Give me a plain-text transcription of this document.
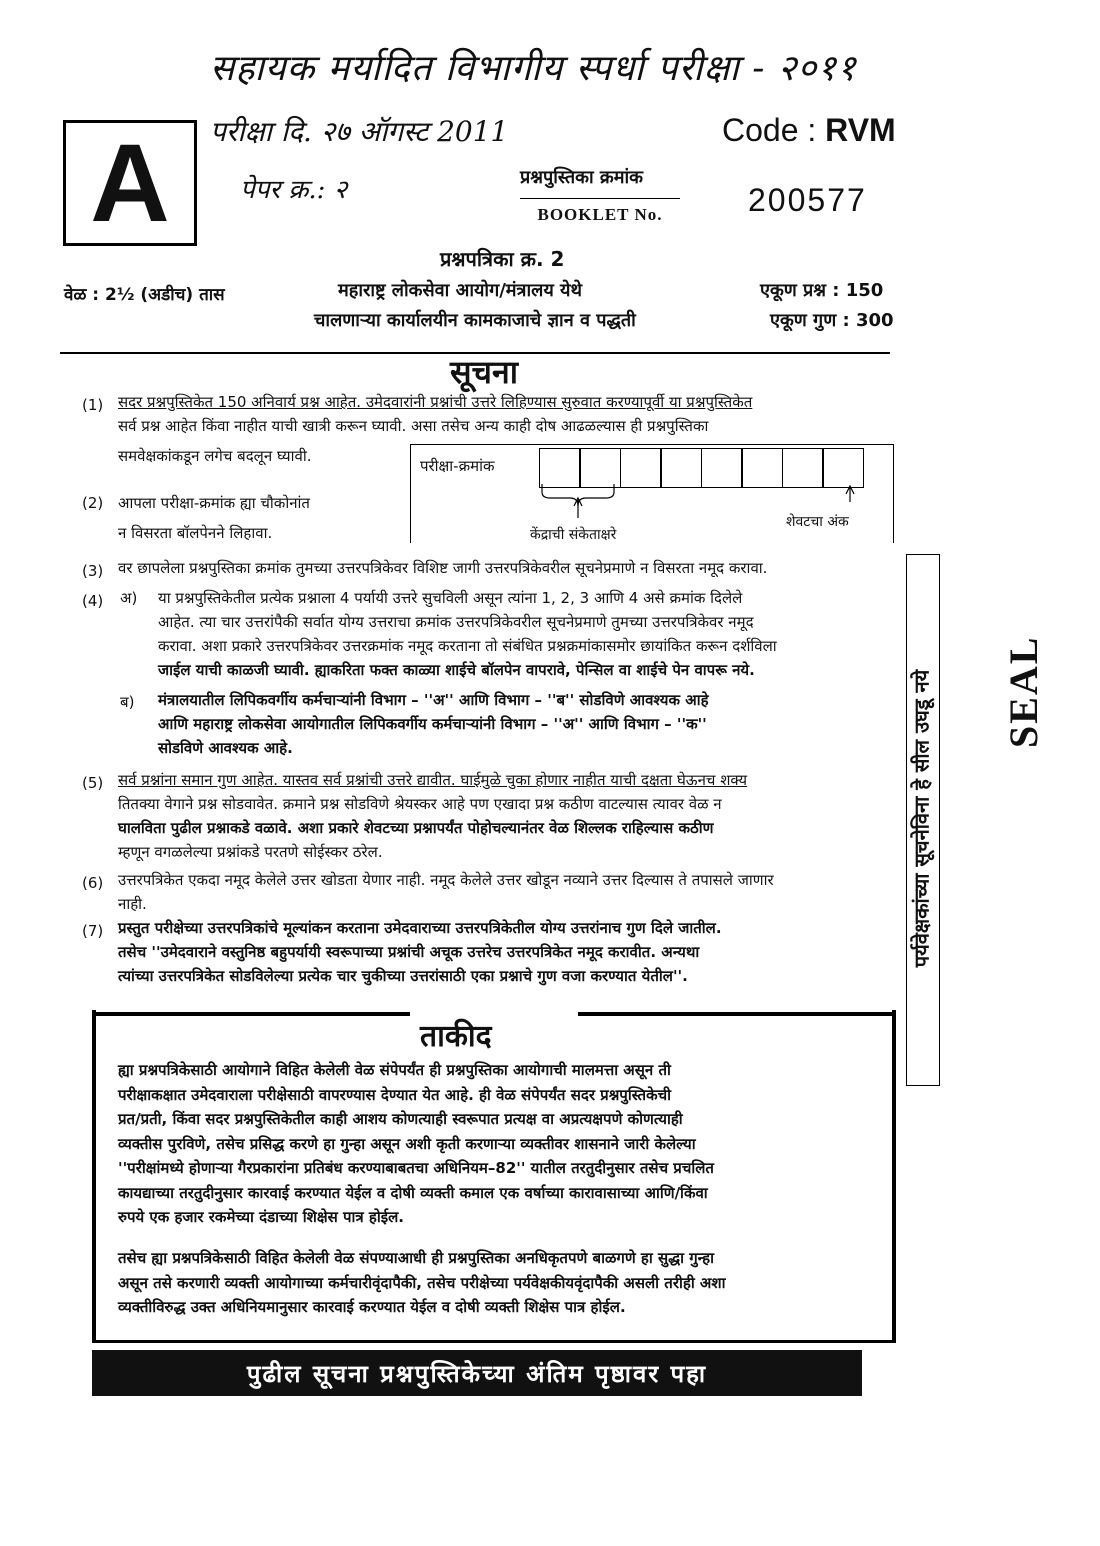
सहायक मर्यादित विभागीय स्पर्धा परीक्षा - २०११
A	परीक्षा दि. २७ ऑगस्ट 2011
पेपर क्र.: २
Code : RVM
प्रश्नपुस्तिका क्रमांक
BOOKLET No.	200577
प्रश्नपत्रिका क्र. 2
वेळ : 2½ (अडीच) तास	महाराष्ट्र लोकसेवा आयोग/मंत्रालय येथे
चालणाऱ्या कार्यालयीन कामकाजाचे ज्ञान व पद्धती
एकूण प्रश्न : 150
एकूण गुण : 300
सूचना
(1) सदर प्रश्नपुस्तिकेत 150 अनिवार्य प्रश्न आहेत. उमेदवारांनी प्रश्नांची उत्तरे लिहिण्यास सुरुवात करण्यापूर्वी या प्रश्नपुस्तिकेत
सर्व प्रश्न आहेत किंवा नाहीत याची खात्री करून घ्यावी. असा तसेच अन्य काही दोष आढळल्यास ही प्रश्नपुस्तिका
समवेक्षकांकडून लगेच बदलून घ्यावी.
परीक्षा-क्रमांक
केंद्राची संकेताक्षरे
शेवटचा अंक
(2) आपला परीक्षा-क्रमांक ह्या चौकोनांत
न विसरता बॉलपेनने लिहावा.
(3) वर छापलेला प्रश्नपुस्तिका क्रमांक तुमच्या उत्तरपत्रिकेवर विशिष्ट जागी उत्तरपत्रिकेवरील सूचनेप्रमाणे न विसरता नमूद करावा.
(4) अ) या प्रश्नपुस्तिकेतील प्रत्येक प्रश्नाला 4 पर्यायी उत्तरे सुचविली असून त्यांना 1, 2, 3 आणि 4 असे क्रमांक दिलेले
आहेत. त्या चार उत्तरांपैकी सर्वात योग्य उत्तराचा क्रमांक उत्तरपत्रिकेवरील सूचनेप्रमाणे तुमच्या उत्तरपत्रिकेवर नमूद
करावा. अशा प्रकारे उत्तरपत्रिकेवर उत्तरक्रमांक नमूद करताना तो संबंधित प्रश्नक्रमांकासमोर छायांकित करून दर्शविला
जाईल याची काळजी घ्यावी. ह्याकरिता फक्त काळ्या शाईचे बॉलपेन वापरावे, पेन्सिल वा शाईचे पेन वापरू नये.
ब) मंत्रालयातील लिपिकवर्गीय कर्मचाऱ्यांनी विभाग – ''अ'' आणि विभाग – ''ब'' सोडविणे आवश्यक आहे
आणि महाराष्ट्र लोकसेवा आयोगातील लिपिकवर्गीय कर्मचाऱ्यांनी विभाग – ''अ'' आणि विभाग – ''क''
सोडविणे आवश्यक आहे.
(5) सर्व प्रश्नांना समान गुण आहेत. यास्तव सर्व प्रश्नांची उत्तरे द्यावीत. घाईमुळे चुका होणार नाहीत याची दक्षता घेऊनच शक्य
तितक्या वेगाने प्रश्न सोडवावेत. क्रमाने प्रश्न सोडविणे श्रेयस्कर आहे पण एखादा प्रश्न कठीण वाटल्यास त्यावर वेळ न
घालविता पुढील प्रश्नाकडे वळावे. अशा प्रकारे शेवटच्या प्रश्नापर्यंत पोहोचल्यानंतर वेळ शिल्लक राहिल्यास कठीण
म्हणून वगळलेल्या प्रश्नांकडे परतणे सोईस्कर ठरेल.
(6) उत्तरपत्रिकेत एकदा नमूद केलेले उत्तर खोडता येणार नाही. नमूद केलेले उत्तर खोडून नव्याने उत्तर दिल्यास ते तपासले जाणार
नाही.
(7) प्रस्तुत परीक्षेच्या उत्तरपत्रिकांचे मूल्यांकन करताना उमेदवाराच्या उत्तरपत्रिकेतील योग्य उत्तरांनाच गुण दिले जातील.
तसेच ''उमेदवाराने वस्तुनिष्ठ बहुपर्यायी स्वरूपाच्या प्रश्नांची अचूक उत्तरेच उत्तरपत्रिकेत नमूद करावीत. अन्यथा
त्यांच्या उत्तरपत्रिकेत सोडविलेल्या प्रत्येक चार चुकीच्या उत्तरांसाठी एका प्रश्नाचे गुण वजा करण्यात येतील''.
पर्यवेक्षकांच्या सूचनेविना हे सील उघडू नये SEAL
ताकीद
ह्या प्रश्नपत्रिकेसाठी आयोगाने विहित केलेली वेळ संपेपर्यंत ही प्रश्नपुस्तिका आयोगाची मालमत्ता असून ती
परीक्षाकक्षात उमेदवाराला परीक्षेसाठी वापरण्यास देण्यात येत आहे. ही वेळ संपेपर्यंत सदर प्रश्नपुस्तिकेची
प्रत/प्रती, किंवा सदर प्रश्नपुस्तिकेतील काही आशय कोणत्याही स्वरूपात प्रत्यक्ष वा अप्रत्यक्षपणे कोणत्याही
व्यक्तीस पुरविणे, तसेच प्रसिद्ध करणे हा गुन्हा असून अशी कृती करणाऱ्या व्यक्तीवर शासनाने जारी केलेल्या
''परीक्षांमध्ये होणाऱ्या गैरप्रकारांना प्रतिबंध करण्याबाबतचा अधिनियम–82'' यातील तरतुदीनुसार तसेच प्रचलित
कायद्याच्या तरतुदीनुसार कारवाई करण्यात येईल व दोषी व्यक्ती कमाल एक वर्षाच्या कारावासाच्या आणि/किंवा
रुपये एक हजार रकमेच्या दंडाच्या शिक्षेस पात्र होईल.
तसेच ह्या प्रश्नपत्रिकेसाठी विहित केलेली वेळ संपण्याआधी ही प्रश्नपुस्तिका अनधिकृतपणे बाळगणे हा सुद्धा गुन्हा
असून तसे करणारी व्यक्ती आयोगाच्या कर्मचारीवृंदापैकी, तसेच परीक्षेच्या पर्यवेक्षकीयवृंदापैकी असली तरीही अशा
व्यक्तीविरुद्ध उक्त अधिनियमानुसार कारवाई करण्यात येईल व दोषी व्यक्ती शिक्षेस पात्र होईल.
पुढील सूचना प्रश्नपुस्तिकेच्या अंतिम पृष्ठावर पहा
